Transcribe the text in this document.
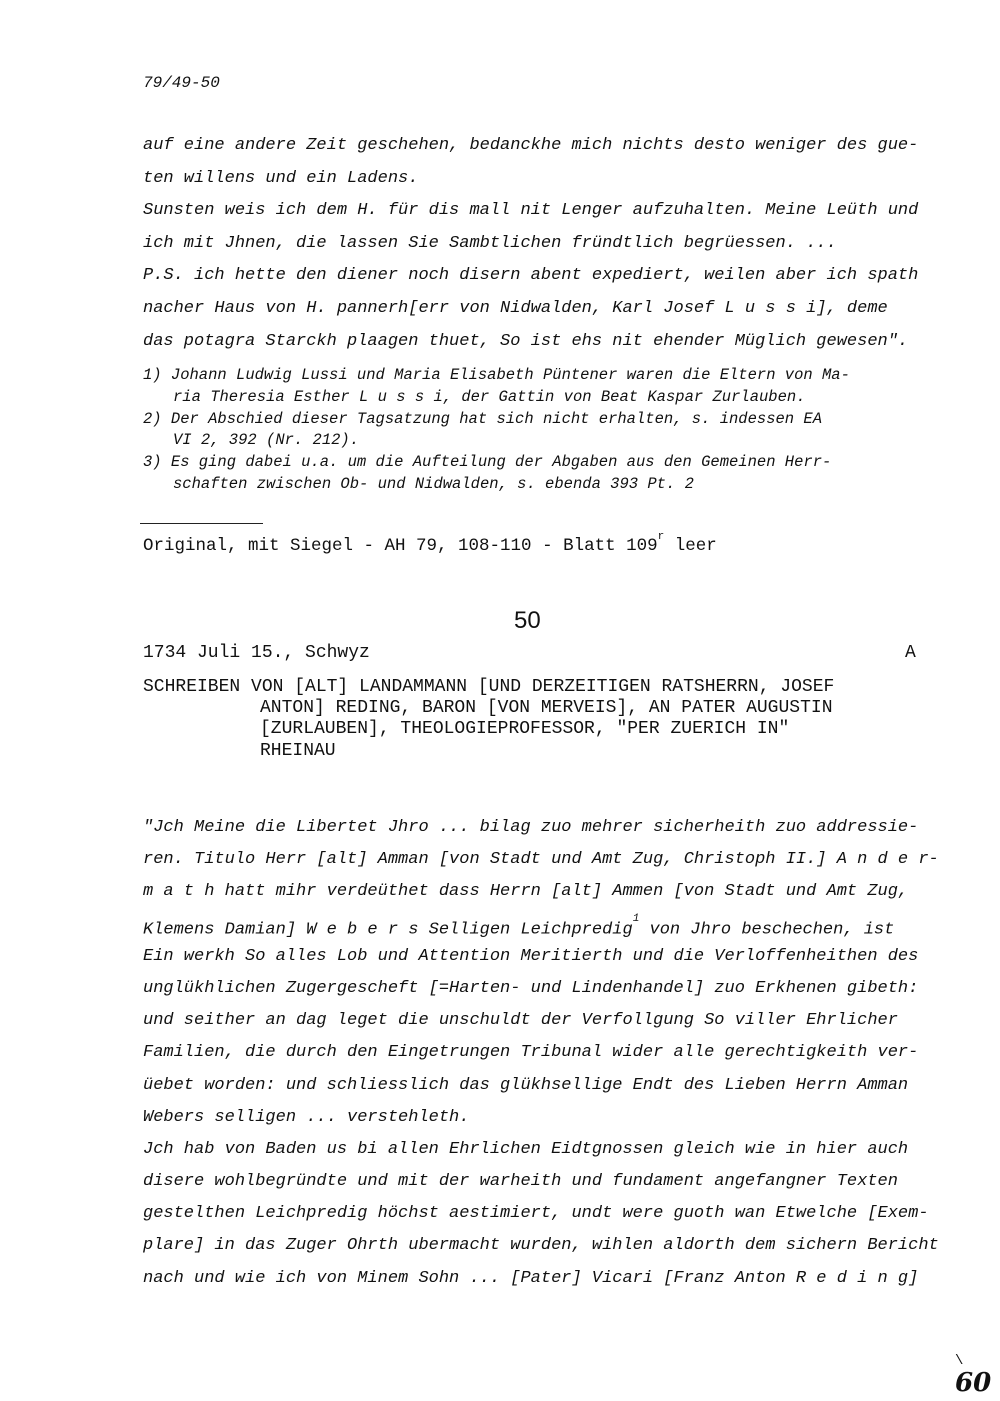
79/49-50
auf eine andere Zeit geschehen, bedanckhe mich nichts desto weniger des gue-
ten willens und ein Ladens.
Sunsten weis ich dem H. für dis mall nit Lenger aufzuhalten. Meine Leüth und
ich mit Jhnen, die lassen Sie Sambtlichen fründtlich begrüessen. ...
P.S. ich hette den diener noch disern abent expediert, weilen aber ich spath
nacher Haus von H. pannerh[err von Nidwalden, Karl Josef L u s s i], deme
das potagra Starckh plaagen thuet, So ist ehs nit ehender Müglich gewesen".
1) Johann Ludwig Lussi und Maria Elisabeth Püntener waren die Eltern von Ma-
ria Theresia Esther L u s s i, der Gattin von Beat Kaspar Zurlauben.
2) Der Abschied dieser Tagsatzung hat sich nicht erhalten, s. indessen EA
VI 2, 392 (Nr. 212).
3) Es ging dabei u.a. um die Aufteilung der Abgaben aus den Gemeinen Herr-
schaften zwischen Ob- und Nidwalden, s. ebenda 393 Pt. 2
Original, mit Siegel - AH 79, 108-110 - Blatt 109$^r$ leer
50
1734 Juli 15., Schwyz	A
SCHREIBEN VON [ALT] LANDAMMANN [UND DERZEITIGEN RATSHERRN, JOSEF
ANTON] REDING, BARON [VON MERVEIS], AN PATER AUGUSTIN
[ZURLAUBEN], THEOLOGIEPROFESSOR, "PER ZUERICH IN"
RHEINAU
"Jch Meine die Libertet Jhro ... bilag zuo mehrer sicherheith zuo addressie-
ren. Titulo Herr [alt] Amman [von Stadt und Amt Zug, Christoph II.] A n d e r-
m a t h hatt mihr verdeüthet dass Herrn [alt] Ammen [von Stadt und Amt Zug,
Klemens Damian] W e b e r s Selligen Leichpredig$^1$ von Jhro beschechen, ist
Ein werkh So alles Lob und Attention Meritierth und die Verloffenheithen des
unglükhlichen Zugergescheft [=Harten- und Lindenhandel] zuo Erkhenen gibeth:
und seither an dag leget die unschuldt der Verfollgung So viller Ehrlicher
Familien, die durch den Eingetrungen Tribunal wider alle gerechtigkeith ver-
üebet worden: und schliesslich das glükhsellige Endt des Lieben Herrn Amman
Webers selligen ... verstehleth.
Jch hab von Baden us bi allen Ehrlichen Eidtgnossen gleich wie in hier auch
disere wohlbegründte und mit der warheith und fundament angefangner Texten
gestelthen Leichpredig höchst aestimiert, undt were guoth wan Etwelche [Exem-
plare] in das Zuger Ohrth ubermacht wurden, wihlen aldorth dem sichern Bericht
nach und wie ich von Minem Sohn ... [Pater] Vicari [Franz Anton R e d i n g]
\
60
